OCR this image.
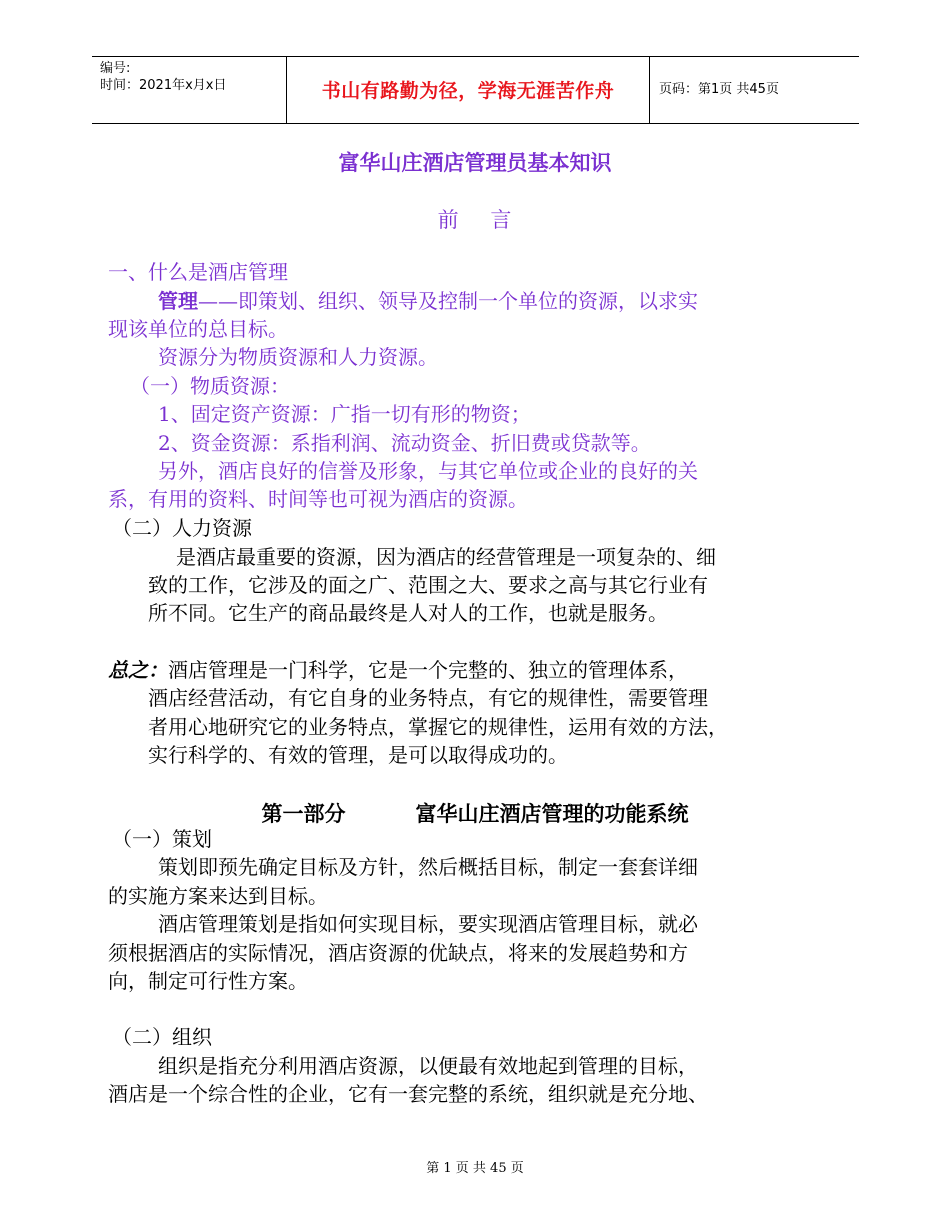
编号:
时间：2021年x月x日	书山有路勤为径，学海无涯苦作舟	页码：第1页 共45页
富华山庄酒店管理员基本知识
前    言
一、什么是酒店管理
管理——即策划、组织、领导及控制一个单位的资源，以求实
现该单位的总目标。
资源分为物质资源和人力资源。
（一）物质资源：
1、固定资产资源：广指一切有形的物资；
2、资金资源：系指利润、流动资金、折旧费或贷款等。
另外，酒店良好的信誉及形象，与其它单位或企业的良好的关
系，有用的资料、时间等也可视为酒店的资源。
（二）人力资源
是酒店最重要的资源，因为酒店的经营管理是一项复杂的、细
致的工作，它涉及的面之广、范围之大、要求之高与其它行业有
所不同。它生产的商品最终是人对人的工作，也就是服务。
总之：酒店管理是一门科学，它是一个完整的、独立的管理体系，
酒店经营活动，有它自身的业务特点，有它的规律性，需要管理
者用心地研究它的业务特点，掌握它的规律性，运用有效的方法，
实行科学的、有效的管理，是可以取得成功的。
第一部分	富华山庄酒店管理的功能系统
（一）策划
策划即预先确定目标及方针，然后概括目标，制定一套套详细
的实施方案来达到目标。
酒店管理策划是指如何实现目标，要实现酒店管理目标，就必
须根据酒店的实际情况，酒店资源的优缺点，将来的发展趋势和方
向，制定可行性方案。
（二）组织
组织是指充分利用酒店资源，以便最有效地起到管理的目标，
酒店是一个综合性的企业，它有一套完整的系统，组织就是充分地、
第 1 页 共 45 页
